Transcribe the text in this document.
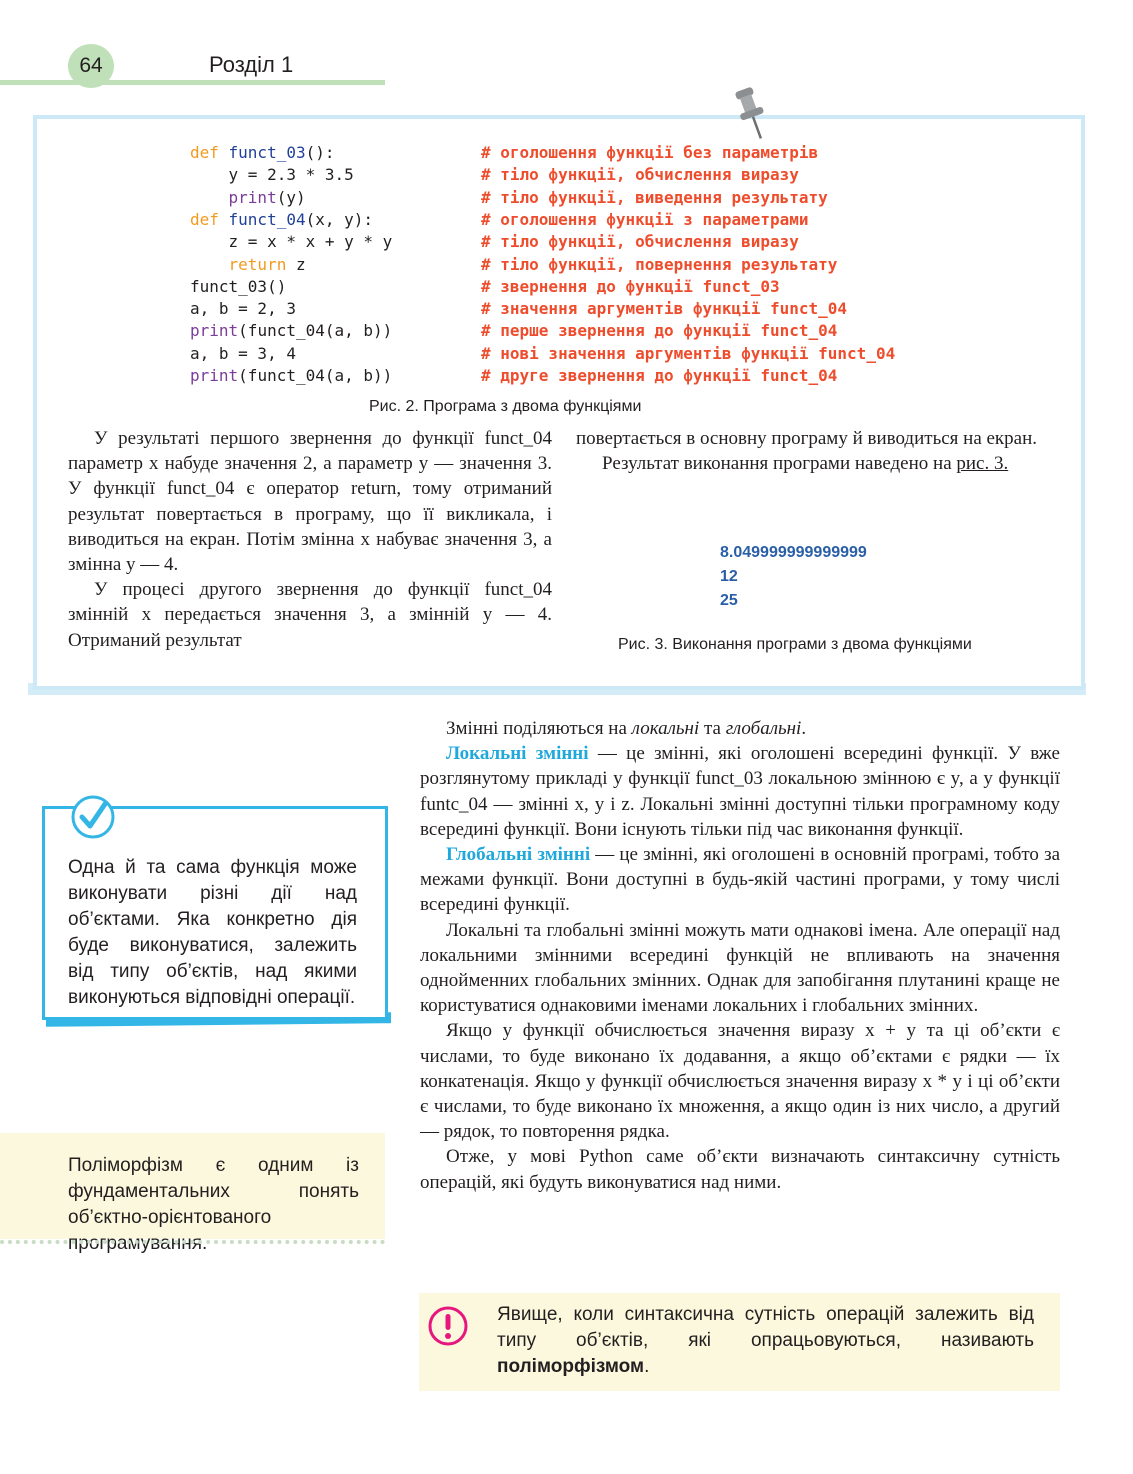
64	Розділ 1
def funct_03():	# оголошення функції без параметрів
y = 2.3 * 3.5	# тіло функції, обчислення виразу
print(y)	# тіло функції, виведення результату
def funct_04(x, y):	# оголошення функції з параметрами
z = x * x + y * y	# тіло функції, обчислення виразу
return z	# тіло функції, повернення результату
funct_03()	# звернення до функції funct_03
a, b = 2, 3	# значення аргументів функції funct_04
print(funct_04(a, b))	# перше звернення до функції funct_04
a, b = 3, 4	# нові значення аргументів функції funct_04
print(funct_04(a, b))	# друге звернення до функції funct_04
Рис. 2. Програма з двома функціями

У результаті першого звернення до функції funct_04 параметр x набуде значення 2, а параметр y — значення 3. У функції funct_04 є оператор return, тому отриманий результат повертається в програму, що її викликала, і виводиться на екран. Потім змінна x набуває значення 3, а змінна y — 4.

У процесі другого звернення до функції funct_04 змінній x передається значення 3, а змінній y — 4. Отриманий результат

повертається в основну програму й виводиться на екран.

Результат виконання програми наведено на рис. 3.

8.049999999999999
12
25
Рис. 3. Виконання програми з двома функціями

Змінні поділяються на локальні та глобальні.

Локальні змінні — це змінні, які оголошені всередині функції. У вже розглянутому прикладі у функції funct_03 локальною змінною є y, а у функції funtc_04 — змінні x, y і z. Локальні змінні доступні тільки програмному коду всередині функції. Вони існують тільки під час виконання функції.

Глобальні змінні — це змінні, які оголошені в основній програмі, тобто за межами функції. Вони доступні в будь-якій частині програми, у тому числі всередині функції.

Локальні та глобальні змінні можуть мати однакові імена. Але операції над локальними змінними всередині функцій не впливають на значення однойменних глобальних змінних. Однак для запобігання плутанині краще не користуватися однаковими іменами локальних і глобальних змінних.

Якщо у функції обчислюється значення виразу x + y та ці об’єкти є числами, то буде виконано їх додавання, а якщо об’єктами є рядки — їх конкатенація. Якщо у функції обчислюється значення виразу x * y і ці об’єкти є числами, то буде виконано їх множення, а якщо один із них число, а другий — рядок, то повторення рядка.

Отже, у мові Python саме об’єкти визначають синтаксичну сутність операцій, які будуть виконуватися над ними.

Одна й та сама функція може виконувати різні дії над об’єктами. Яка конкретно дія буде виконуватися, залежить від типу об’єктів, над якими виконуються відповідні операції.
Поліморфізм є одним із фундаментальних понять об’єктно-орієнтованого програмування.
Явище, коли синтаксична сутність операцій залежить від типу об’єктів, які опрацьовуються, називають поліморфізмом.
